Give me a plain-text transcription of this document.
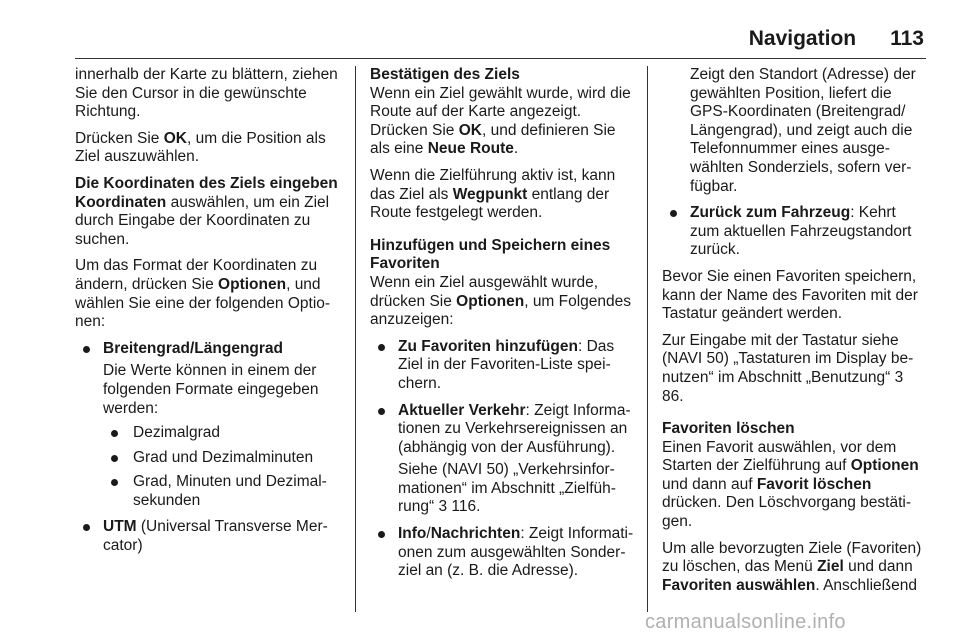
Navigation 113

innerhalb der Karte zu blättern, ziehen Sie den Cursor in die gewünschte Richtung.

Drücken Sie OK, um die Position als Ziel auszuwählen.

Die Koordinaten des Ziels eingeben
Koordinaten auswählen, um ein Ziel durch Eingabe der Koordinaten zu suchen.

Um das Format der Koordinaten zu ändern, drücken Sie Optionen, und wählen Sie eine der folgenden Optionen:

Breitengrad/Längengrad
Die Werte können in einem der folgenden Formate eingegeben werden:
Dezimalgrad
Grad und Dezimalminuten
Grad, Minuten und Dezimalsekunden
UTM (Universal Transverse Mercator)
Bestätigen des Ziels

Wenn ein Ziel gewählt wurde, wird die Route auf der Karte angezeigt.

Drücken Sie OK, und definieren Sie als eine Neue Route.

Wenn die Zielführung aktiv ist, kann das Ziel als Wegpunkt entlang der Route festgelegt werden.

Hinzufügen und Speichern eines Favoriten

Wenn ein Ziel ausgewählt wurde, drücken Sie Optionen, um Folgendes anzuzeigen:

Zu Favoriten hinzufügen: Das Ziel in der Favoriten-Liste speichern.
Aktueller Verkehr: Zeigt Informationen zu Verkehrsereignissen an (abhängig von der Ausführung).
Siehe (NAVI 50) „Verkehrsinformationen“ im Abschnitt „Zielführung“ 3 116.
Info/Nachrichten: Zeigt Informationen zum ausgewählten Sonderziel an (z. B. die Adresse).

Zeigt den Standort (Adresse) der gewählten Position, liefert die GPS-Koordinaten (Breitengrad/ Längengrad), und zeigt auch die Telefonnummer eines ausgewählten Sonderziels, sofern verfügbar.

Zurück zum Fahrzeug: Kehrt zum aktuellen Fahrzeugstandort zurück.

Bevor Sie einen Favoriten speichern, kann der Name des Favoriten mit der Tastatur geändert werden.

Zur Eingabe mit der Tastatur siehe (NAVI 50) „Tastaturen im Display benutzen“ im Abschnitt „Benutzung“ 3 86.

Favoriten löschen

Einen Favorit auswählen, vor dem Starten der Zielführung auf Optionen und dann auf Favorit löschen drücken. Den Löschvorgang bestätigen.

Um alle bevorzugten Ziele (Favoriten) zu löschen, das Menü Ziel und dann Favoriten auswählen. Anschließend

carmanualsonline.info
